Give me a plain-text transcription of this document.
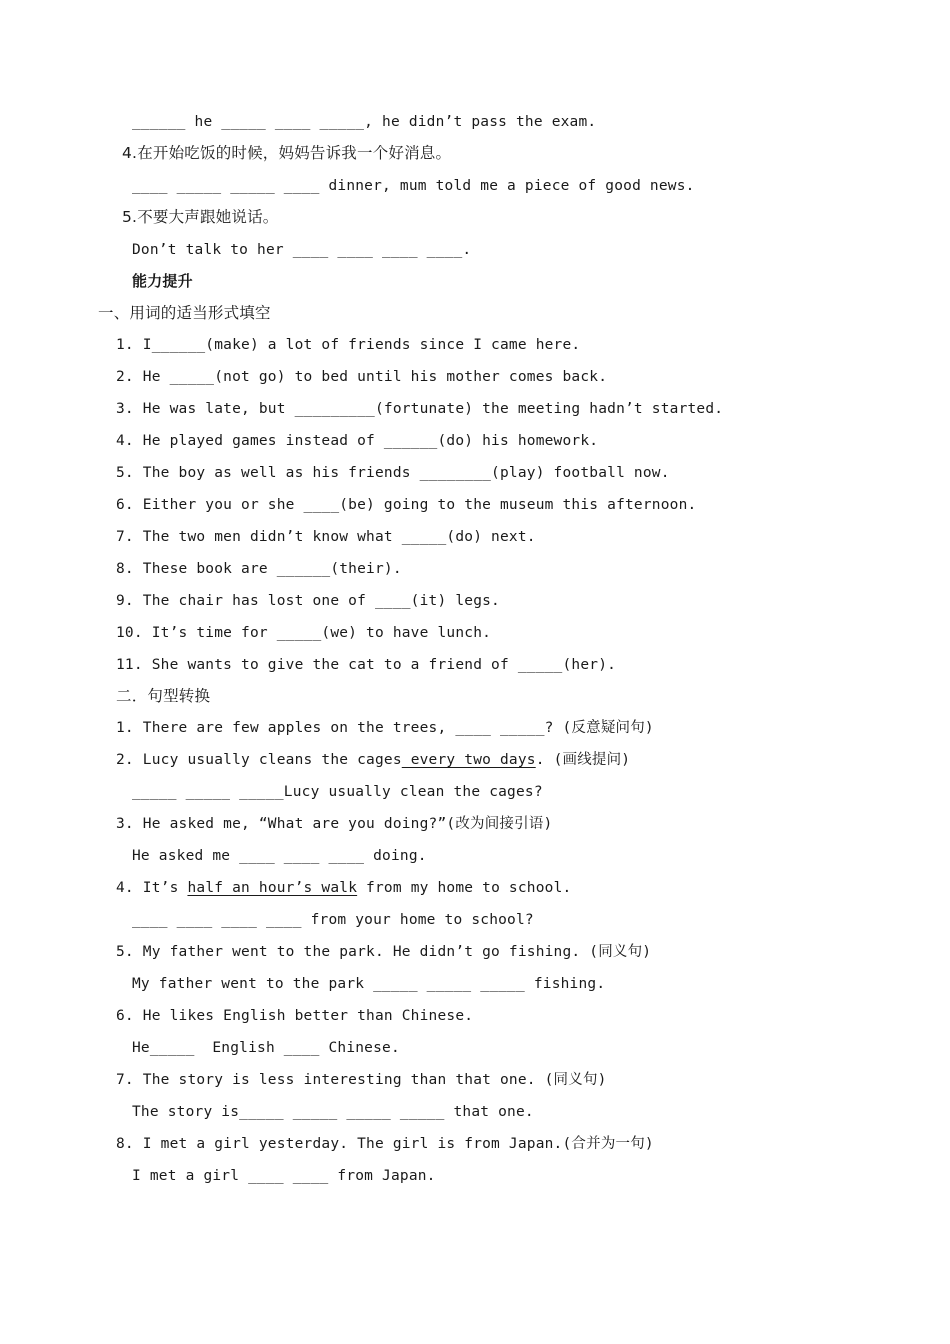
______ he _____ ____ _____, he didn’t pass the exam.
4.在开始吃饭的时候，妈妈告诉我一个好消息。
____ _____ _____ ____ dinner, mum told me a piece of good news.
5.不要大声跟她说话。
Don’t talk to her ____ ____ ____ ____.
能力提升
一、用词的适当形式填空
1. I______(make) a lot of friends since I came here.
2. He _____(not go) to bed until his mother comes back.
3. He was late, but _________(fortunate) the meeting hadn’t started.
4. He played games instead of ______(do) his homework.
5. The boy as well as his friends ________(play) football now.
6. Either you or she ____(be) going to the museum this afternoon.
7. The two men didn’t know what _____(do) next.
8. These book are ______(their).
9. The chair has lost one of ____(it) legs.
10. It’s time for _____(we) to have lunch.
11. She wants to give the cat to a friend of _____(her).
二．句型转换
1. There are few apples on the trees, ____ _____? (反意疑问句)
2. Lucy usually cleans the cages every two days. (画线提问)
_____ _____ _____Lucy usually clean the cages?
3. He asked me, “What are you doing?”(改为间接引语)
He asked me ____ ____ ____ doing.
4. It’s half an hour’s walk from my home to school.
____ ____ ____ ____ from your home to school?
5. My father went to the park. He didn’t go fishing. (同义句)
My father went to the park _____ _____ _____ fishing.
6. He likes English better than Chinese.
He_____  English ____ Chinese.
7. The story is less interesting than that one. (同义句)
The story is_____ _____ _____ _____ that one.
8. I met a girl yesterday. The girl is from Japan.(合并为一句)
I met a girl ____ ____ from Japan.
